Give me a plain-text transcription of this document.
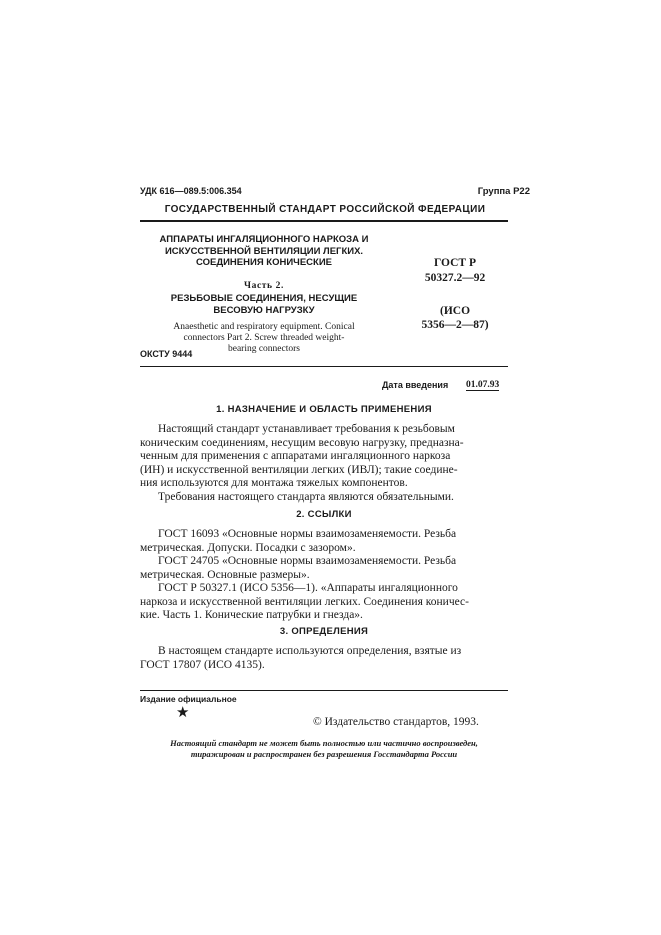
УДК 616—089.5:006.354	Группа Р22
ГОСУДАРСТВЕННЫЙ СТАНДАРТ РОССИЙСКОЙ ФЕДЕРАЦИИ
АППАРАТЫ ИНГАЛЯЦИОННОГО НАРКОЗА И
ИСКУССТВЕННОЙ ВЕНТИЛЯЦИИ ЛЕГКИХ.
СОЕДИНЕНИЯ КОНИЧЕСКИЕ
Часть 2.
РЕЗЬБОВЫЕ СОЕДИНЕНИЯ, НЕСУЩИЕ
ВЕСОВУЮ НАГРУЗКУ
Anaesthetic and respiratory equipment. Conical
connectors Part 2. Screw threaded weight-
bearing connectors
ОКСТУ 9444
ГОСТ Р
50327.2—92
(ИСО
5356—2—87)
Дата введения 01.07.93
1. НАЗНАЧЕНИЕ И ОБЛАСТЬ ПРИМЕНЕНИЯ
Настоящий стандарт устанавливает требования к резьбовым
коническим соединениям, несущим весовую нагрузку, предназна-
ченным для применения с аппаратами ингаляционного наркоза
(ИН) и искусственной вентиляции легких (ИВЛ); такие соедине-
ния используются для монтажа тяжелых компонентов.
Требования настоящего стандарта являются обязательными.
2. ССЫЛКИ
ГОСТ 16093 «Основные нормы взаимозаменяемости. Резьба
метрическая. Допуски. Посадки с зазором».
ГОСТ 24705 «Основные нормы взаимозаменяемости. Резьба
метрическая. Основные размеры».
ГОСТ Р 50327.1 (ИСО 5356—1). «Аппараты ингаляционного
наркоза и искусственной вентиляции легких. Соединения коничес-
кие. Часть 1. Конические патрубки и гнезда».
3. ОПРЕДЕЛЕНИЯ
В настоящем стандарте используются определения, взятые из
ГОСТ 17807 (ИСО 4135).
Издание официальное
★
© Издательство стандартов, 1993.
Настоящий стандарт не может быть полностью или частично воспроизведен,
тиражирован и распространен без разрешения Госстандарта России
